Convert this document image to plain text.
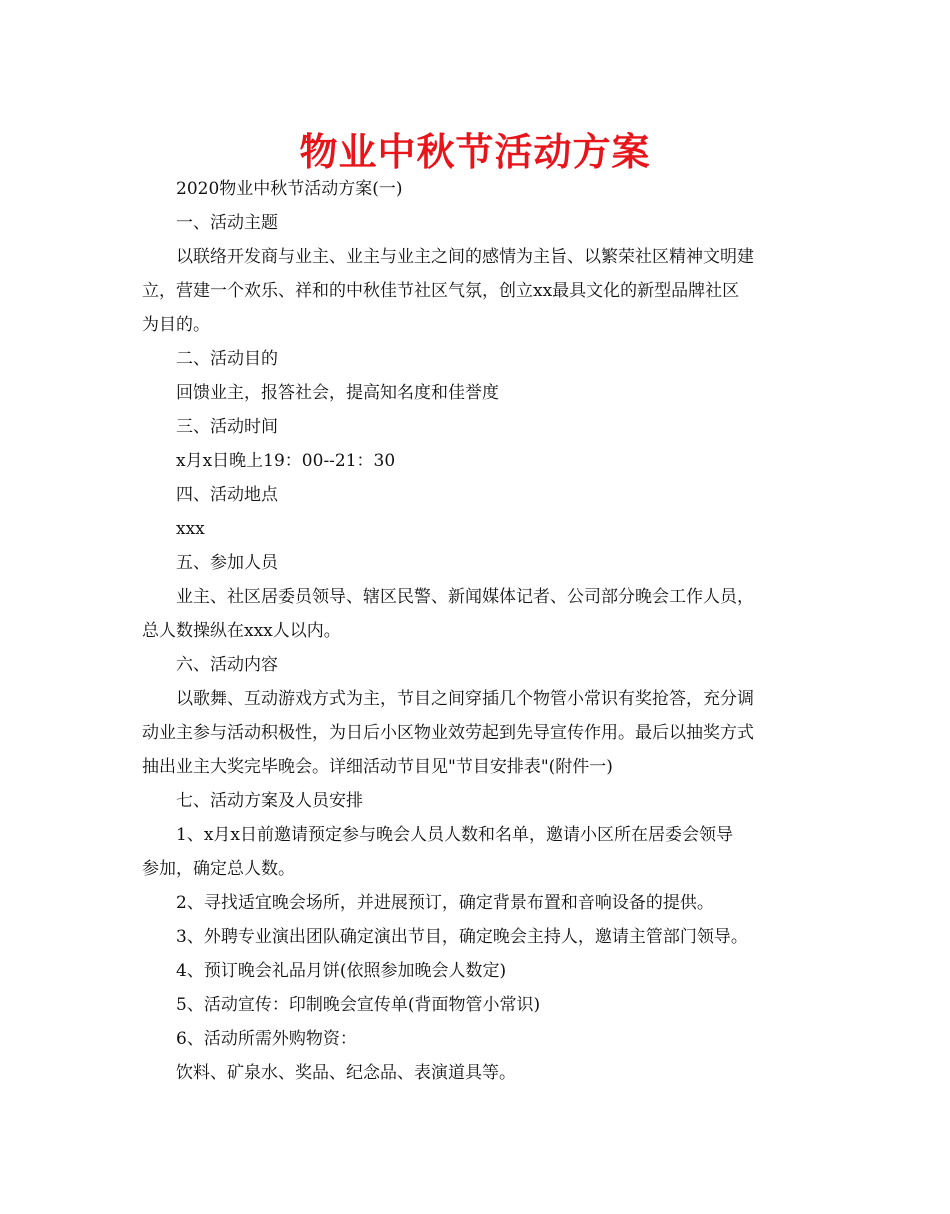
物业中秋节活动方案

2020物业中秋节活动方案(一)

一、活动主题

以联络开发商与业主、业主与业主之间的感情为主旨、以繁荣社区精神文明建

立，营建一个欢乐、祥和的中秋佳节社区气氛，创立xx最具文化的新型品牌社区

为目的。

二、活动目的

回馈业主，报答社会，提高知名度和佳誉度

三、活动时间

x月x日晚上19：00--21：30

四、活动地点

xxx

五、参加人员

业主、社区居委员领导、辖区民警、新闻媒体记者、公司部分晚会工作人员，

总人数操纵在xxx人以内。

六、活动内容

以歌舞、互动游戏方式为主，节目之间穿插几个物管小常识有奖抢答，充分调

动业主参与活动积极性，为日后小区物业效劳起到先导宣传作用。最后以抽奖方式

抽出业主大奖完毕晚会。详细活动节目见"节目安排表"(附件一)

七、活动方案及人员安排

1、x月x日前邀请预定参与晚会人员人数和名单，邀请小区所在居委会领导

参加，确定总人数。

2、寻找适宜晚会场所，并进展预订，确定背景布置和音响设备的提供。

3、外聘专业演出团队确定演出节目，确定晚会主持人，邀请主管部门领导。

4、预订晚会礼品月饼(依照参加晚会人数定)

5、活动宣传：印制晚会宣传单(背面物管小常识)

6、活动所需外购物资：

饮料、矿泉水、奖品、纪念品、表演道具等。
